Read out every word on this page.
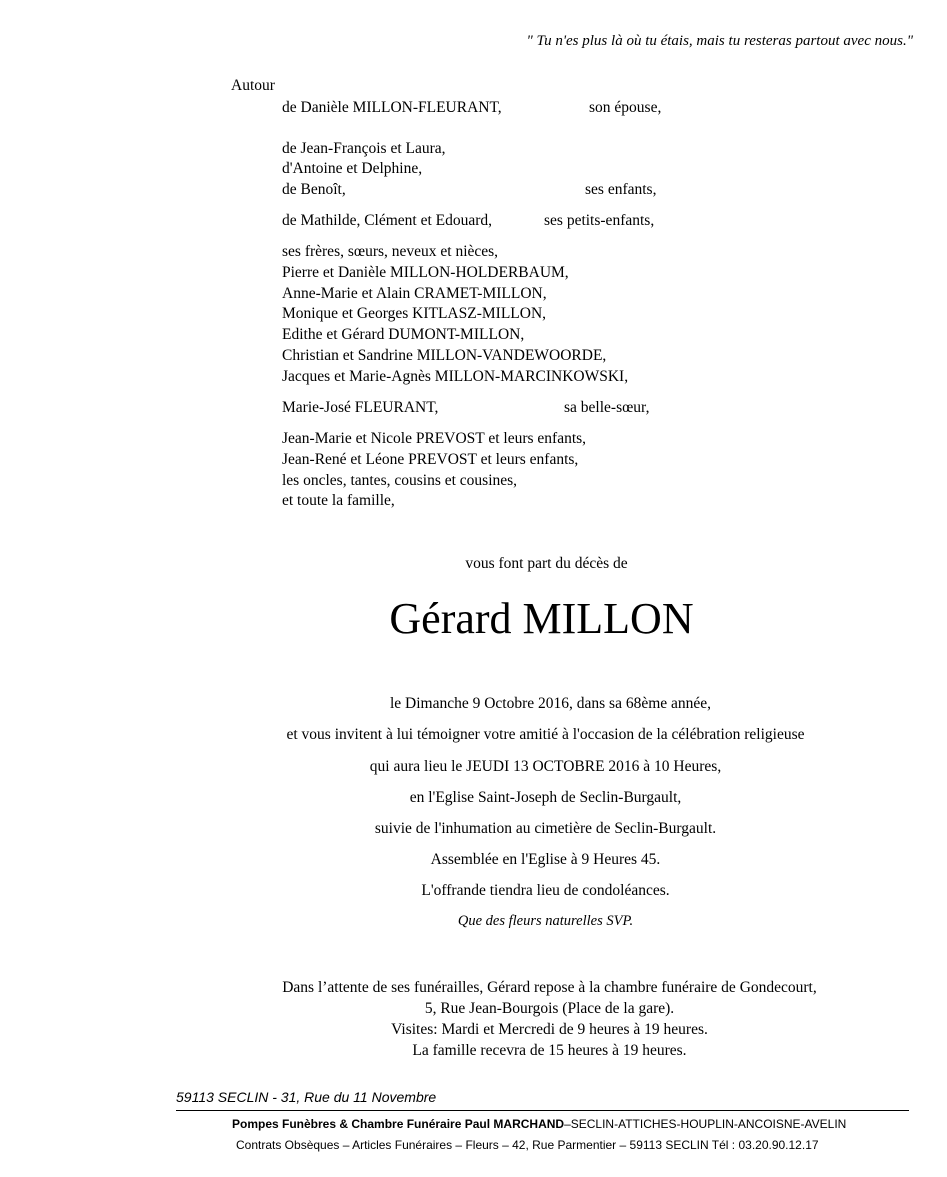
" Tu n'es plus là où tu étais, mais tu resteras partout avec nous."
Autour
de Danièle MILLON-FLEURANT,	son épouse,
de Jean-François et Laura,
d'Antoine et Delphine,
de Benoît,	ses enfants,
de Mathilde, Clément et Edouard,	ses petits-enfants,
ses frères, sœurs, neveux et nièces,
Pierre et Danièle MILLON-HOLDERBAUM,
Anne-Marie et Alain CRAMET-MILLON,
Monique et Georges KITLASZ-MILLON,
Edithe et Gérard DUMONT-MILLON,
Christian et Sandrine MILLON-VANDEWOORDE,
Jacques et Marie-Agnès MILLON-MARCINKOWSKI,
Marie-José FLEURANT,	sa belle-sœur,
Jean-Marie et Nicole PREVOST et leurs enfants,
Jean-René et Léone PREVOST et leurs enfants,
les oncles, tantes, cousins et cousines,
et toute la famille,
vous font part du décès de
Gérard MILLON
le Dimanche 9 Octobre 2016, dans sa 68ème année,
et vous invitent à lui témoigner votre amitié à l'occasion de la célébration religieuse
qui aura lieu le JEUDI 13 OCTOBRE 2016 à 10 Heures,
en l'Eglise Saint-Joseph de Seclin-Burgault,
suivie de l'inhumation au cimetière de Seclin-Burgault.
Assemblée en l'Eglise à 9 Heures 45.
L'offrande tiendra lieu de condoléances.
Que des fleurs naturelles SVP.
Dans l’attente de ses funérailles, Gérard repose à la chambre funéraire de Gondecourt,
5, Rue Jean-Bourgois (Place de la gare).
Visites: Mardi et Mercredi de 9 heures à 19 heures.
La famille recevra de 15 heures à 19 heures.
59113 SECLIN - 31, Rue du 11 Novembre
Pompes Funèbres & Chambre Funéraire Paul MARCHAND–SECLIN-ATTICHES-HOUPLIN-ANCOISNE-AVELIN
Contrats Obsèques – Articles Funéraires – Fleurs – 42, Rue Parmentier – 59113 SECLIN Tél : 03.20.90.12.17
